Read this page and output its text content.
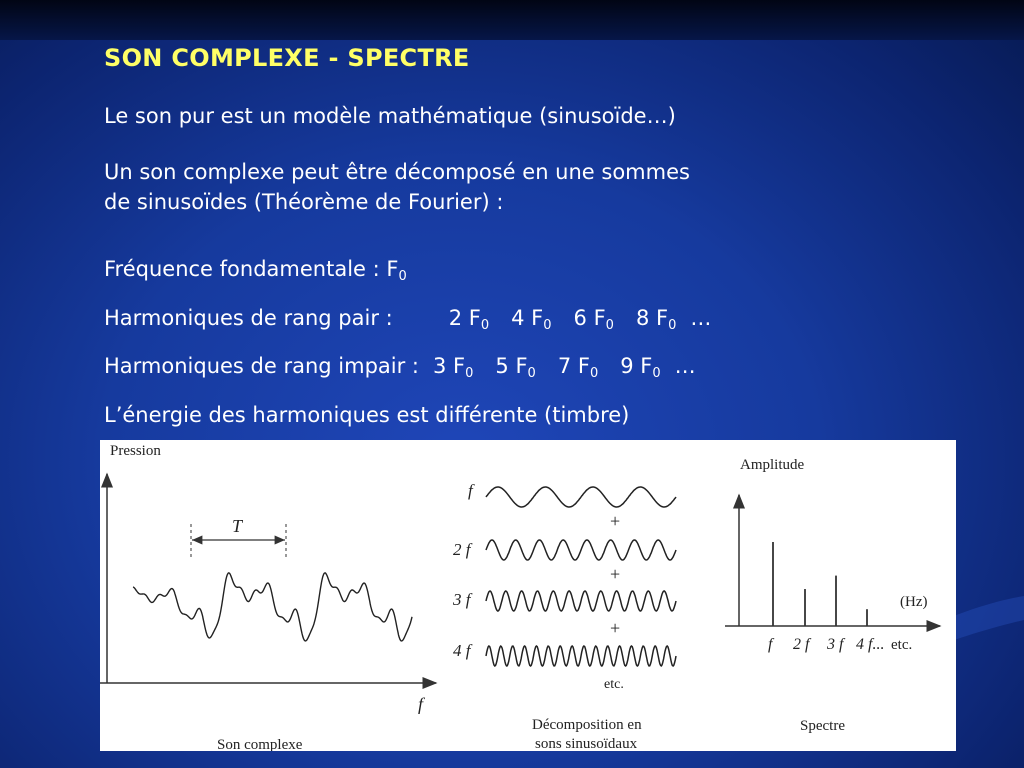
SON COMPLEXE - SPECTRE
Le son pur est un modèle mathématique (sinusoïde…)
Un son complexe peut être décomposé en une sommes
de sinusoïdes (Théorème de Fourier) :
Fréquence fondamentale : $F_0$
Harmoniques de rang pair :	2 $F_0$ 4 $F_0$ 6 $F_0$ 8 $F_0$ …
Harmoniques de rang impair : 3 $F_0$ 5 $F_0$ 7 $F_0$ 9 $F_0$ …
L’énergie des harmoniques est différente (timbre)
Pression
f
T
Son complexe
f
2 f
3 f
4 f
+
+
+
etc.
Décomposition en
sons sinusoïdaux
Amplitude
(Hz)
f 2 f 3 f 4 f... etc.
Spectre
